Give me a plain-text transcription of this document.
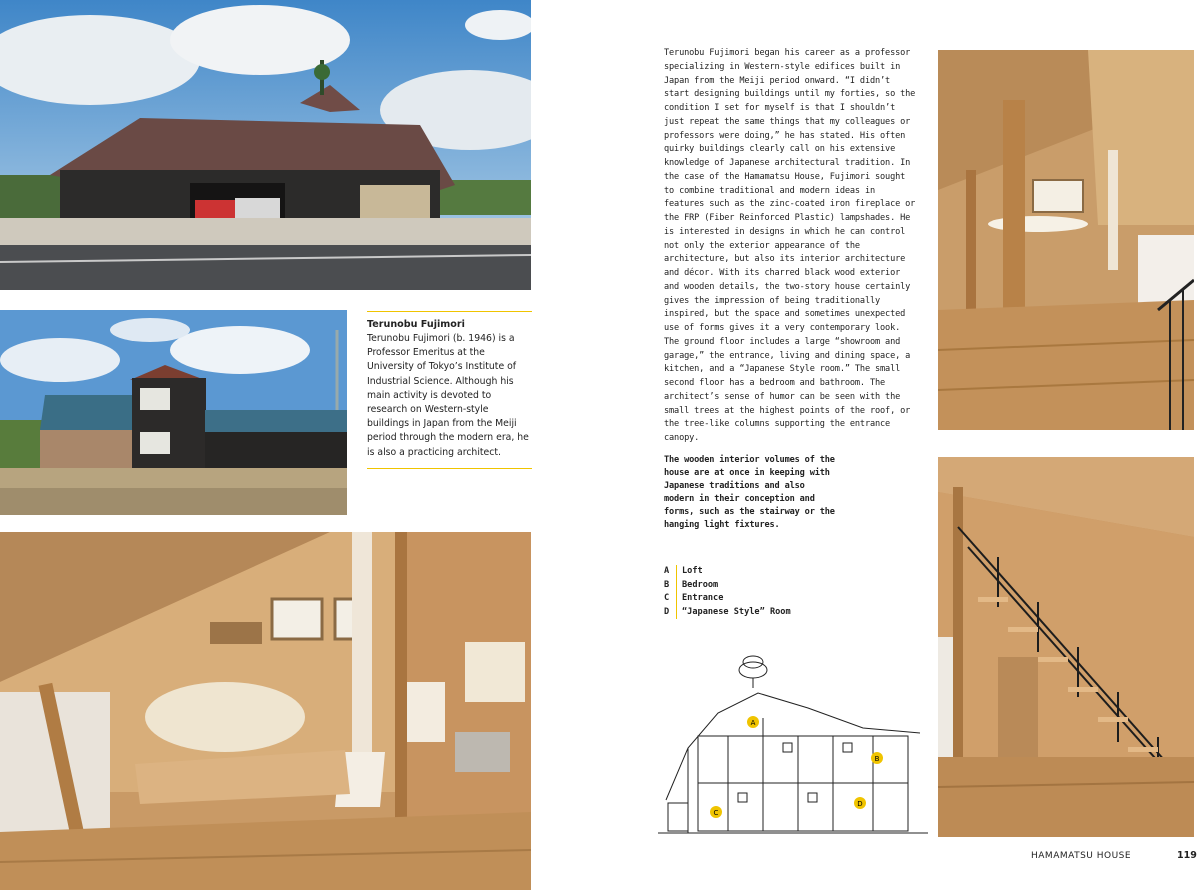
Terunobu Fujimori
Terunobu Fujimori (b. 1946) is a Professor Emeritus at the University of Tokyo’s Institute of Industrial Science. Although his main activity is devoted to research on Western-style buildings in Japan from the Meiji period through the modern era, he is also a practicing architect.

Terunobu Fujimori began his career as a professor specializing in Western-style edifices built in Japan from the Meiji period onward. “I didn’t start designing buildings until my forties, so the condition I set for myself is that I shouldn’t just repeat the same things that my colleagues or professors were doing,” he has stated. His often quirky buildings clearly call on his extensive knowledge of Japanese architectural tradition. In the case of the Hamamatsu House, Fujimori sought to combine traditional and modern ideas in features such as the zinc-coated iron fireplace or the FRP (Fiber Reinforced Plastic) lampshades. He is interested in designs in which he can control not only the exterior appearance of the architecture, but also its interior architecture and décor. With its charred black wood exterior and wooden details, the two-story house certainly gives the impression of being traditionally inspired, but the space and sometimes unexpected use of forms gives it a very contemporary look. The ground floor includes a large “showroom and garage,” the entrance, living and dining space, a kitchen, and a “Japanese Style room.” The small second floor has a bedroom and bathroom. The architect’s sense of humor can be seen with the small trees at the highest points of the roof, or the tree-like columns supporting the entrance canopy.

The wooden interior volumes of the house are at once in keeping with Japanese traditions and also modern in their conception and forms, such as the stairway or the hanging light fixtures.

A	Loft
B	Bedroom
C	Entrance
D	“Japanese Style” Room
A
B
C
D
HAMAMATSU HOUSE	119
